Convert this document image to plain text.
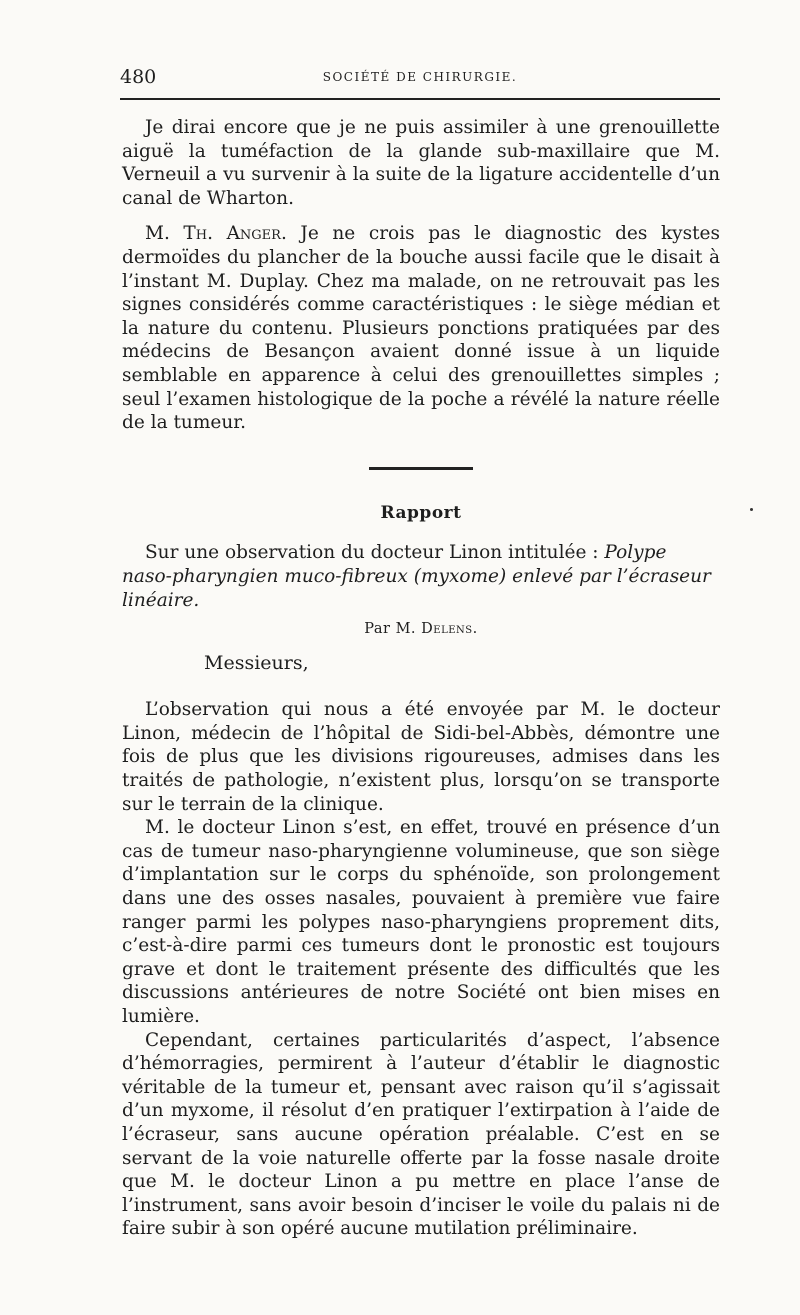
480	SOCIÉTÉ DE CHIRURGIE.

Je dirai encore que je ne puis assimiler à une grenouillette aiguë la tuméfaction de la glande sub-maxillaire que M. Verneuil a vu survenir à la suite de la ligature accidentelle d’un canal de Wharton.

M. Th. Anger. Je ne crois pas le diagnostic des kystes dermoïdes du plancher de la bouche aussi facile que le disait à l’instant M. Duplay. Chez ma malade, on ne retrouvait pas les signes considérés comme caractéristiques : le siège médian et la nature du contenu. Plusieurs ponctions pratiquées par des médecins de Besançon avaient donné issue à un liquide semblable en apparence à celui des grenouillettes simples ; seul l’examen histologique de la poche a révélé la nature réelle de la tumeur.

Rapport

Sur une observation du docteur Linon intitulée : Polype naso-pharyngien muco-fibreux (myxome) enlevé par l’écraseur linéaire.

Par M. Delens.
Messieurs,

L’observation qui nous a été envoyée par M. le docteur Linon, médecin de l’hôpital de Sidi-bel-Abbès, démontre une fois de plus que les divisions rigoureuses, admises dans les traités de pathologie, n’existent plus, lorsqu’on se transporte sur le terrain de la clinique.

M. le docteur Linon s’est, en effet, trouvé en présence d’un cas de tumeur naso-pharyngienne volumineuse, que son siège d’implantation sur le corps du sphénoïde, son prolongement dans une des osses nasales, pouvaient à première vue faire ranger parmi les polypes naso-pharyngiens proprement dits, c’est-à-dire parmi ces tumeurs dont le pronostic est toujours grave et dont le traitement présente des difficultés que les discussions antérieures de notre Société ont bien mises en lumière.

Cependant, certaines particularités d’aspect, l’absence d’hémorragies, permirent à l’auteur d’établir le diagnostic véritable de la tumeur et, pensant avec raison qu’il s’agissait d’un myxome, il résolut d’en pratiquer l’extirpation à l’aide de l’écraseur, sans aucune opération préalable. C’est en se servant de la voie naturelle offerte par la fosse nasale droite que M. le docteur Linon a pu mettre en place l’anse de l’instrument, sans avoir besoin d’inciser le voile du palais ni de faire subir à son opéré aucune mutilation préliminaire.
